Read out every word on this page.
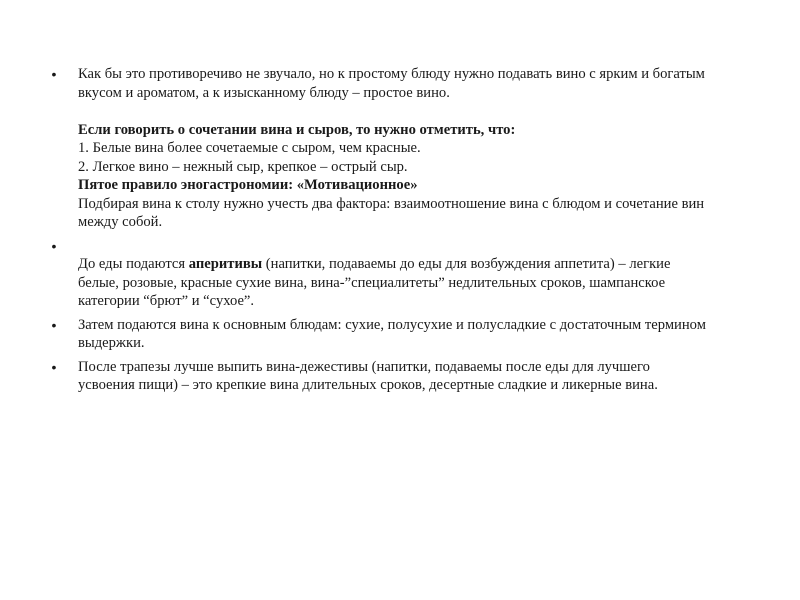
• Как бы это противоречиво не звучало, но к простому блюду нужно подавать вино с ярким и богатым
вкусом и ароматом, а к изысканному блюду – простое вино.
Если говорить о сочетании вина и сыров, то нужно отметить, что:
1. Белые вина более сочетаемые с сыром, чем красные.
2. Легкое вино – нежный сыр, крепкое – острый сыр.
Пятое правило эногастрономии: «Мотивационное»
Подбирая вина к столу нужно учесть два фактора: взаимоотношение вина с блюдом и сочетание вин
между собой.
•
До еды подаются аперитивы (напитки, подаваемы до еды для возбуждения аппетита) – легкие
белые, розовые, красные сухие вина, вина-”специалитеты” недлительных сроков, шампанское
категории “брют” и “сухое”.
• Затем подаются вина к основным блюдам: сухие, полусухие и полусладкие с достаточным термином
выдержки.
• После трапезы лучше выпить вина-дежестивы (напитки, подаваемы после еды для лучшего
усвоения пищи) – это крепкие вина длительных сроков, десертные сладкие и ликерные вина.
